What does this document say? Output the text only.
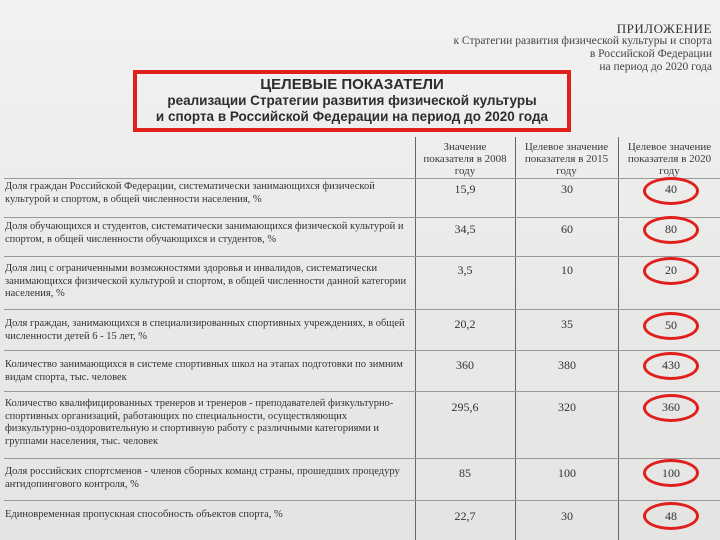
ПРИЛОЖЕНИЕ
к Стратегии развития физической культуры и спорта
в Российской Федерации
на период до 2020 года
ЦЕЛЕВЫЕ ПОКАЗАТЕЛИ
реализации Стратегии развития физической культуры
и спорта в Российской Федерации на период до 2020 года
Значение показателя в 2008 году
Целевое значение показателя в 2015 году
Целевое значение показателя в 2020 году
Доля граждан Российской Федерации, систематически занимающихся физической культурой и спортом, в общей численности населения, %
15,9	30	40
Доля обучающихся и студентов, систематически занимающихся физической культурой и спортом, в общей численности обучающихся и студентов, %
34,5	60	80
Доля лиц с ограниченными возможностями здоровья и инвалидов, систематически занимающихся физической культурой и спортом, в общей численности данной категории населения, %
3,5	10	20
Доля граждан, занимающихся в специализированных спортивных учреждениях, в общей численности детей 6 - 15 лет, %
20,2	35	50
Количество занимающихся в системе спортивных школ на этапах подготовки по зимним видам спорта, тыс. человек
360	380	430
Количество квалифицированных тренеров и тренеров - преподавателей физкультурно-спортивных организаций, работающих по специальности, осуществляющих физкультурно-оздоровительную и спортивную работу с различными категориями и группами населения, тыс. человек
295,6	320	360
Доля российских спортсменов - членов сборных команд страны, прошедших процедуру антидопингового контроля, %
85	100	100
Единовременная пропускная способность объектов спорта, %	22,7	30	48
